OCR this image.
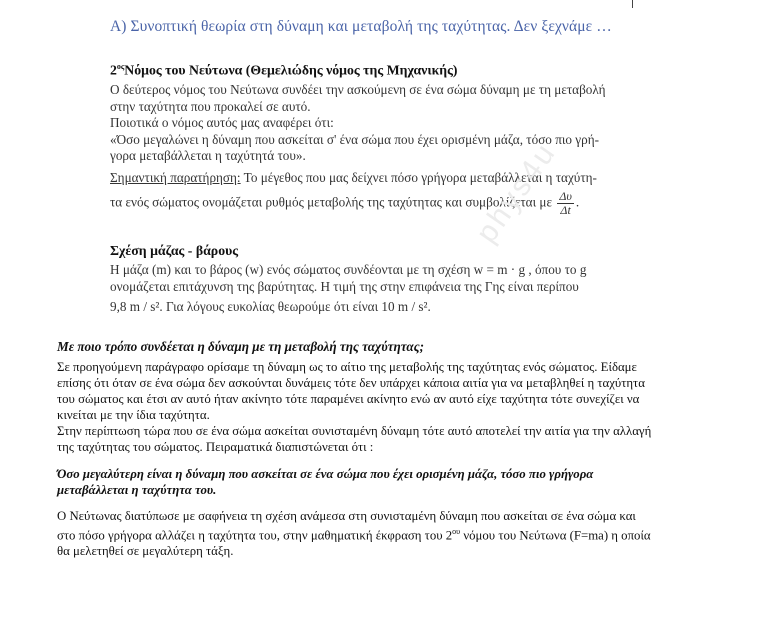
Α) Συνοπτική θεωρία στη δύναμη και μεταβολή της ταχύτητας. Δεν ξεχνάμε …
$2^{o\varsigma}Nό\mu o\varsigma$ του Νεύτωνα (Θεμελιώδης νόμος της Μηχανικής)
Ο δεύτερος νόμος του Νεύτωνα συνδέει την ασκούμενη σε ένα σώμα δύναμη με τη μεταβολή
στην ταχύτητα που προκαλεί σε αυτό.
Ποιοτικά ο νόμος αυτός μας αναφέρει ότι:
«Όσο μεγαλώνει η δύναμη που ασκείται σ' ένα σώμα που έχει ορισμένη μάζα, τόσο πιο γρή-
γορα μεταβάλλεται η ταχύτητά του».
Σημαντική παρατήρηση: Το μέγεθος που μας δείχνει πόσο γρήγορα μεταβάλλεται η ταχύτη-
τα ενός σώματος ονομάζεται ρυθμός μεταβολής της ταχύτητας και συμβολίζεται με $\frac{\Delta\upsilon}{\Delta t}$ .
Σχέση μάζας - βάρους
Η μάζα (m) και το βάρος (w) ενός σώματος συνδέονται με τη σχέση w = m · g , όπου το g
ονομάζεται επιτάχυνση της βαρύτητας. Η τιμή της στην επιφάνεια της Γης είναι περίπου
9,8 m / s². Για λόγους ευκολίας θεωρούμε ότι είναι 10 m / s².
phys4u
Με ποιο τρόπο συνδέεται η δύναμη με τη μεταβολή της ταχύτητας;
Σε προηγούμενη παράγραφο ορίσαμε τη δύναμη ως το αίτιο της μεταβολής της ταχύτητας ενός σώματος. Είδαμε
επίσης ότι όταν σε ένα σώμα δεν ασκούνται δυνάμεις τότε δεν υπάρχει κάποια αιτία για να μεταβληθεί η ταχύτητα
του σώματος και έτσι αν αυτό ήταν ακίνητο τότε παραμένει ακίνητο ενώ αν αυτό είχε ταχύτητα τότε συνεχίζει να
κινείται με την ίδια ταχύτητα.
Στην περίπτωση τώρα που σε ένα σώμα ασκείται συνισταμένη δύναμη τότε αυτό αποτελεί την αιτία για την αλλαγή
της ταχύτητας του σώματος. Πειραματικά διαπιστώνεται ότι :
Όσο μεγαλύτερη είναι η δύναμη που ασκείται σε ένα σώμα που έχει ορισμένη μάζα, τόσο πιο γρήγορα
μεταβάλλεται η ταχύτητα του.
Ο Νεύτωνας διατύπωσε με σαφήνεια τη σχέση ανάμεσα στη συνισταμένη δύναμη που ασκείται σε ένα σώμα και
στο πόσο γρήγορα αλλάζει η ταχύτητα του, στην μαθηματική έκφραση του $2^{o\upsilon}$ νόμου του Νεύτωνα (F=ma) η οποία
θα μελετηθεί σε μεγαλύτερη τάξη.
